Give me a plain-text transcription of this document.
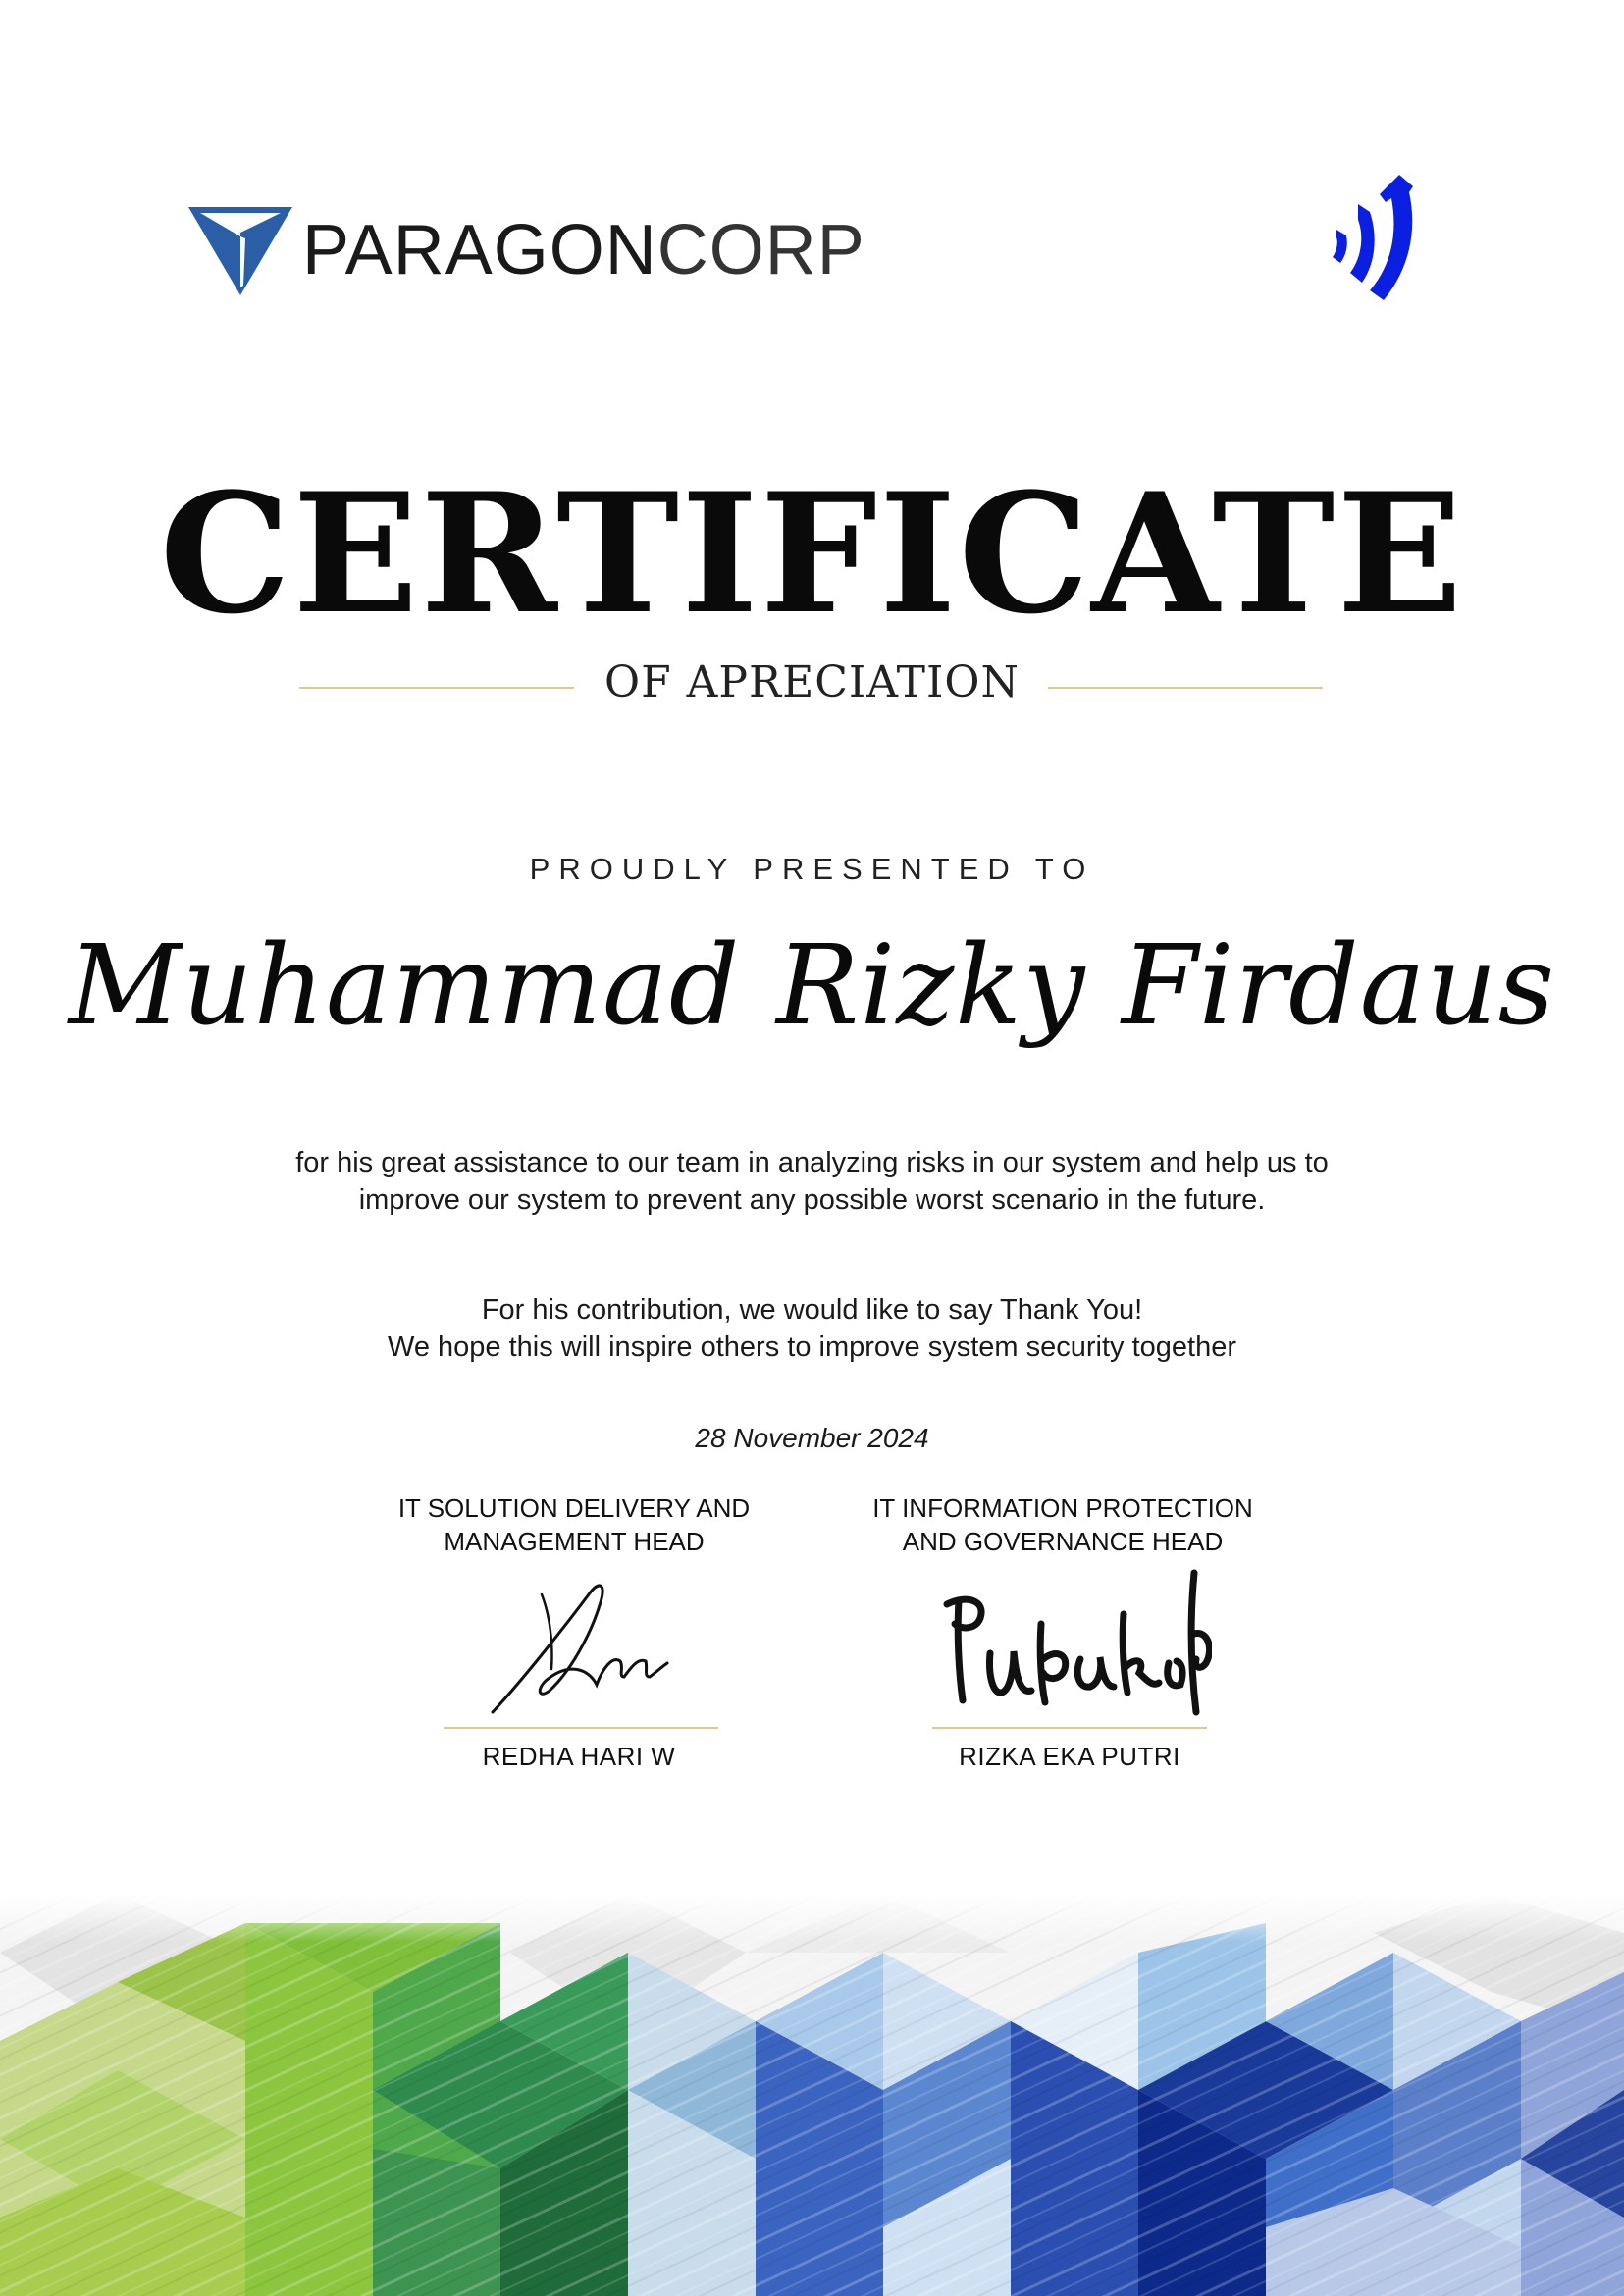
PARAGONCORP
CERTIFICATE
OF APRECIATION
PROUDLY PRESENTED TO
Muhammad Rizky Firdaus
for his great assistance to our team in analyzing risks in our system and help us to improve our system to prevent any possible worst scenario in the future.
For his contribution, we would like to say Thank You!
We hope this will inspire others to improve system security together
28 November 2024
IT SOLUTION DELIVERY AND
MANAGEMENT HEAD
REDHA HARI W
IT INFORMATION PROTECTION
AND GOVERNANCE HEAD
RIZKA EKA PUTRI
